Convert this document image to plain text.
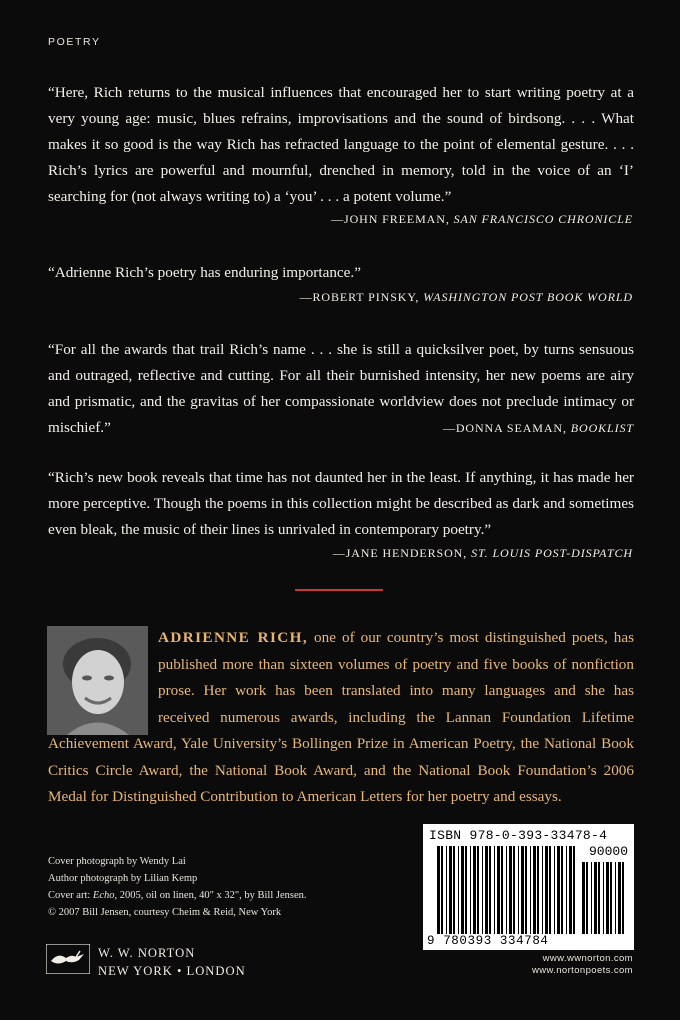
POETRY
“Here, Rich returns to the musical influences that encouraged her to start writing poetry at a very young age: music, blues refrains, improvisations and the sound of birdsong. . . . What makes it so good is the way Rich has refracted language to the point of elemental gesture. . . . Rich’s lyrics are powerful and mournful, drenched in memory, told in the voice of an ‘I’ searching for (not always writing to) a ‘you’ . . . a potent volume.”
—JOHN FREEMAN, SAN FRANCISCO CHRONICLE
“Adrienne Rich’s poetry has enduring importance.”
—ROBERT PINSKY, WASHINGTON POST BOOK WORLD
“For all the awards that trail Rich’s name . . . she is still a quicksilver poet, by turns sensuous and outraged, reflective and cutting. For all their burnished intensity, her new poems are airy and prismatic, and the gravitas of her compassionate worldview does not preclude intimacy or mischief.”	—DONNA SEAMAN, BOOKLIST
“Rich’s new book reveals that time has not daunted her in the least. If anything, it has made her more perceptive. Though the poems in this collection might be described as dark and sometimes even bleak, the music of their lines is unrivaled in contemporary poetry.”
—JANE HENDERSON, ST. LOUIS POST-DISPATCH
ADRIENNE RICH, one of our country’s most distinguished poets, has published more than sixteen volumes of poetry and five books of nonfiction prose. Her work has been translated into many languages and she has received numerous awards, including the Lannan Foundation Lifetime Achievement Award, Yale University’s Bollingen Prize in American Poetry, the National Book Critics Circle Award, the National Book Award, and the National Book Foundation’s 2006 Medal for Distinguished Contribution to American Letters for her poetry and essays.
Cover photograph by Wendy Lai
Author photograph by Lilian Kemp
Cover art: Echo, 2005, oil on linen, 40" x 32", by Bill Jensen.
© 2007 Bill Jensen, courtesy Cheim & Reid, New York
W. W. NORTON
NEW YORK • LONDON
ISBN 978-0-393-33478-4
90000
9 780393 334784
www.wwnorton.com
www.nortonpoets.com
